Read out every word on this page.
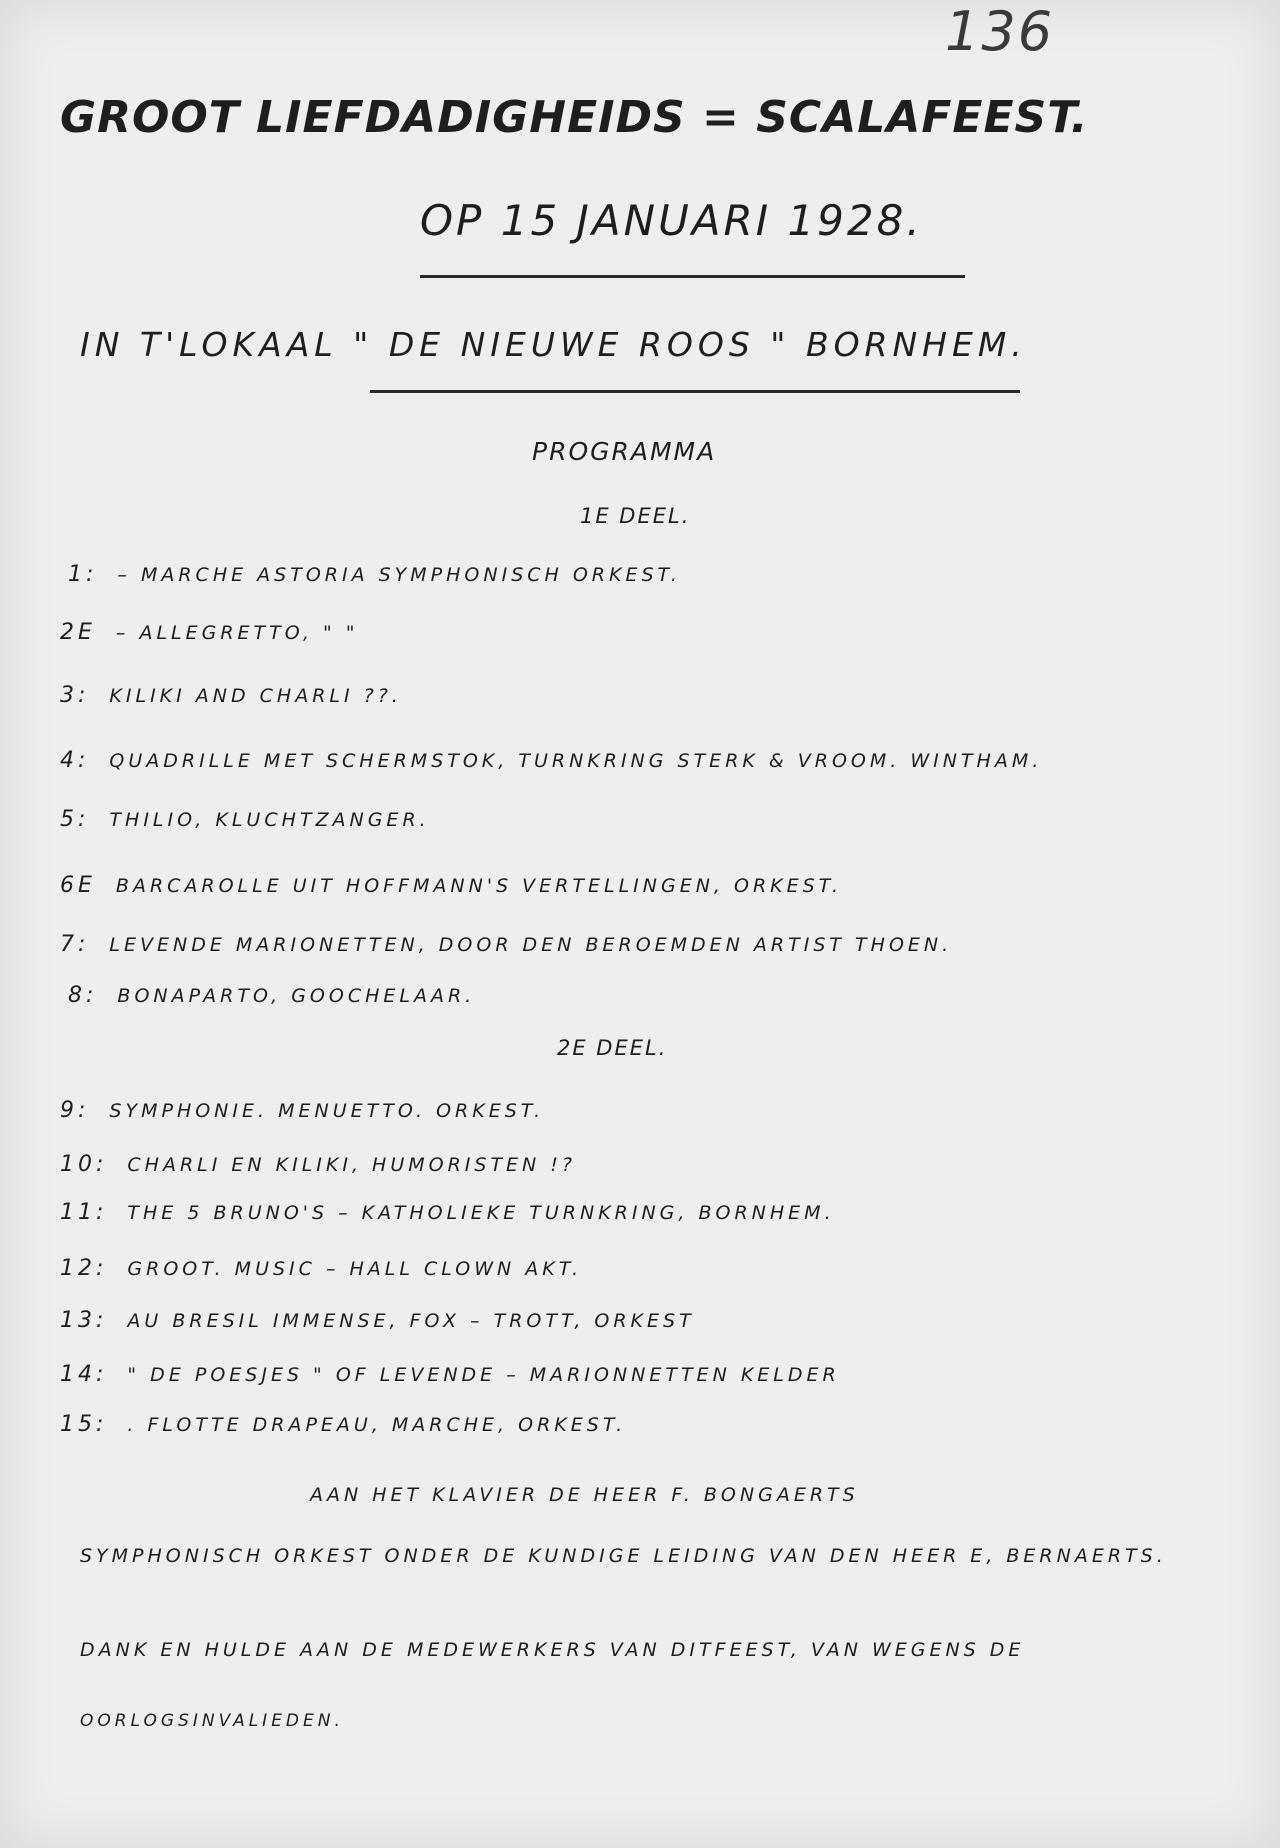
136
GROOT LIEFDADIGHEIDS = SCALAFEEST.
OP 15 JANUARI 1928.
IN T'LOKAAL " DE NIEUWE ROOS " BORNHEM.
PROGRAMMA
1E DEEL.
1: – MARCHE ASTORIA SYMPHONISCH ORKEST.
2E – ALLEGRETTO, " "
3: KILIKI AND CHARLI ??.
4: QUADRILLE MET SCHERMSTOK, TURNKRING STERK & VROOM. WINTHAM.
5: THILIO, KLUCHTZANGER.
6E BARCAROLLE UIT HOFFMANN'S VERTELLINGEN, ORKEST.
7: LEVENDE MARIONETTEN, DOOR DEN BEROEMDEN ARTIST THOEN.
8: BONAPARTO, GOOCHELAAR.
2E DEEL.
9: SYMPHONIE. MENUETTO. ORKEST.
10: CHARLI EN KILIKI, HUMORISTEN !?
11: THE 5 BRUNO'S – KATHOLIEKE TURNKRING, BORNHEM.
12: GROOT. MUSIC – HALL CLOWN AKT.
13: AU BRESIL IMMENSE, FOX – TROTT, ORKEST
14: " DE POESJES " OF LEVENDE – MARIONNETTEN KELDER
15: . FLOTTE DRAPEAU, MARCHE, ORKEST.
AAN HET KLAVIER DE HEER F. BONGAERTS
SYMPHONISCH ORKEST ONDER DE KUNDIGE LEIDING VAN DEN HEER E, BERNAERTS.
DANK EN HULDE AAN DE MEDEWERKERS VAN DITFEEST, VAN WEGENS DE
OORLOGSINVALIEDEN.
